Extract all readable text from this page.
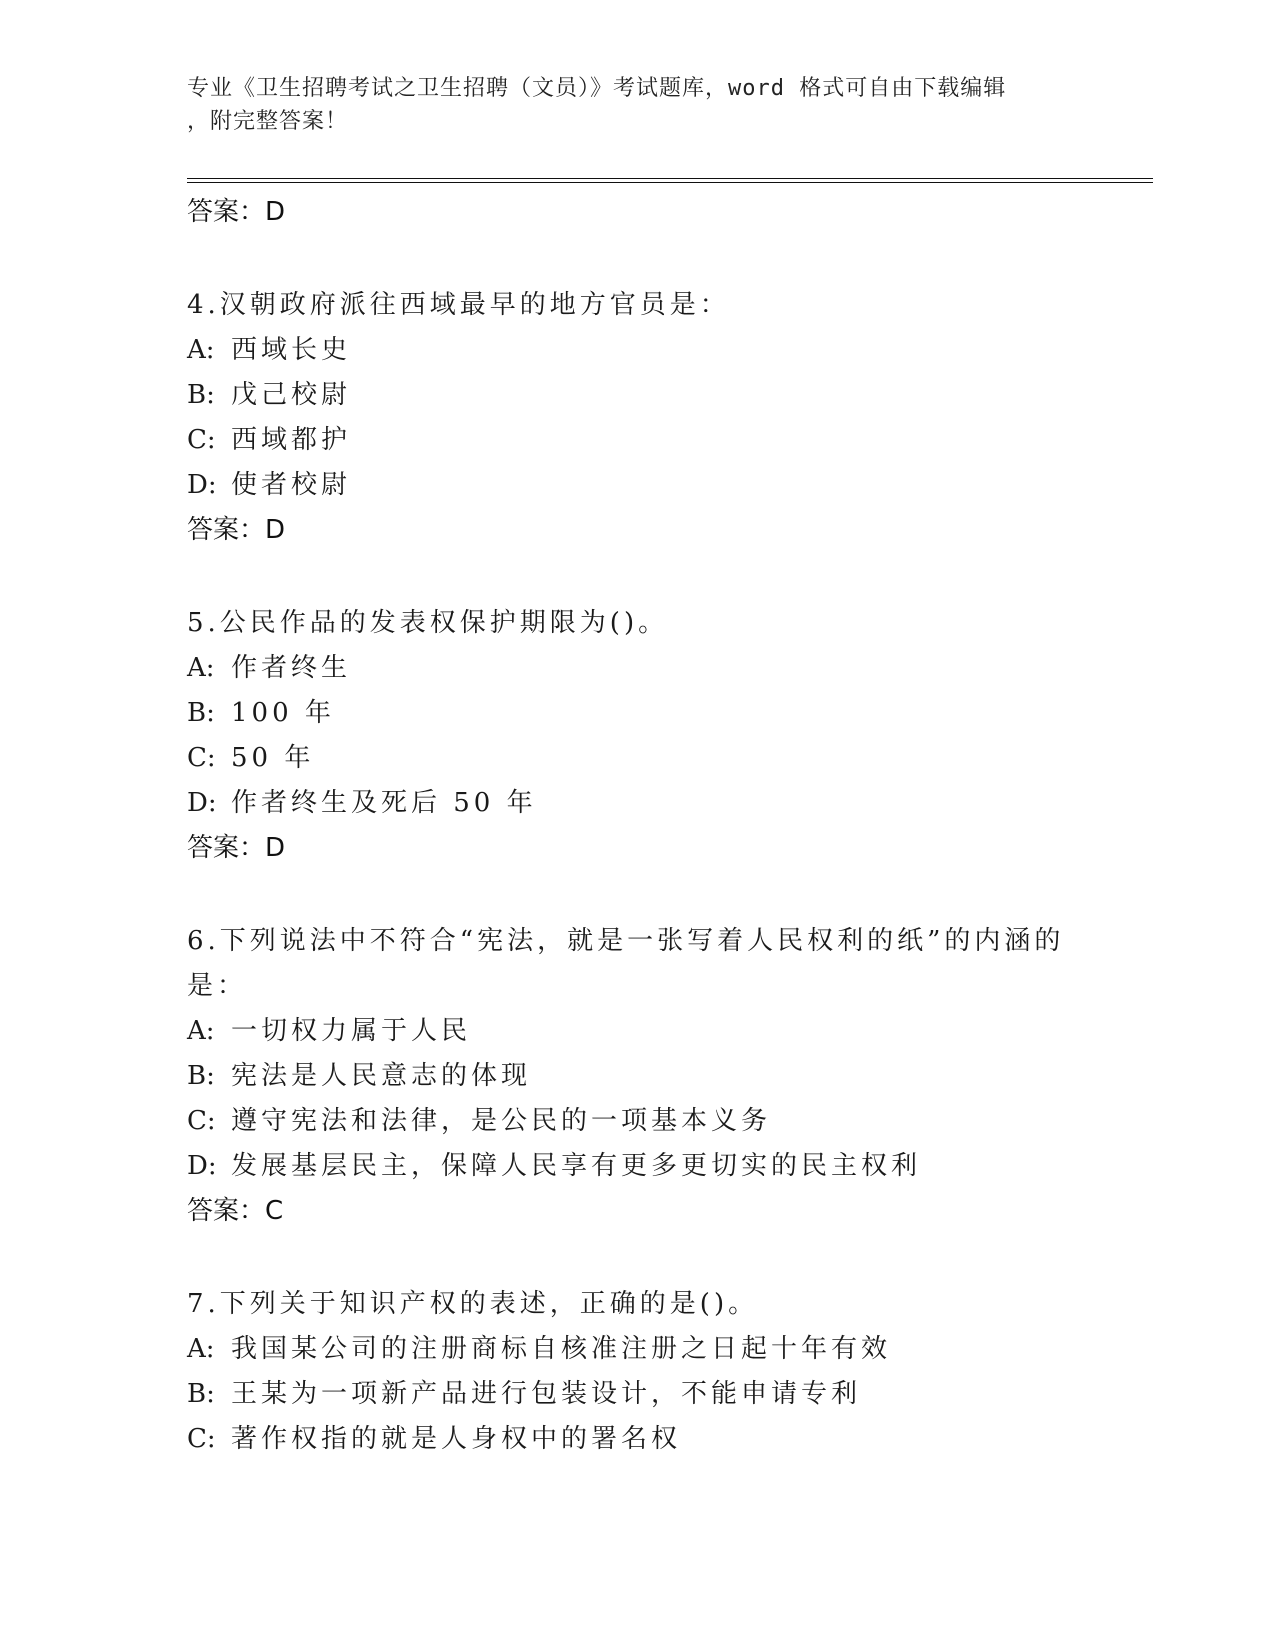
专业《卫生招聘考试之卫生招聘（文员）》考试题库，word 格式可自由下载编辑
，附完整答案！
答案：D
4.汉朝政府派往西域最早的地方官员是：
A: 西域长史
B: 戊己校尉
C: 西域都护
D: 使者校尉
答案：D
5.公民作品的发表权保护期限为()。
A: 作者终生
B: 100 年
C: 50 年
D: 作者终生及死后 50 年
答案：D
6.下列说法中不符合“宪法，就是一张写着人民权利的纸”的内涵的
是：
A: 一切权力属于人民
B: 宪法是人民意志的体现
C: 遵守宪法和法律，是公民的一项基本义务
D: 发展基层民主，保障人民享有更多更切实的民主权利
答案：C
7.下列关于知识产权的表述，正确的是()。
A: 我国某公司的注册商标自核准注册之日起十年有效
B: 王某为一项新产品进行包装设计，不能申请专利
C: 著作权指的就是人身权中的署名权
